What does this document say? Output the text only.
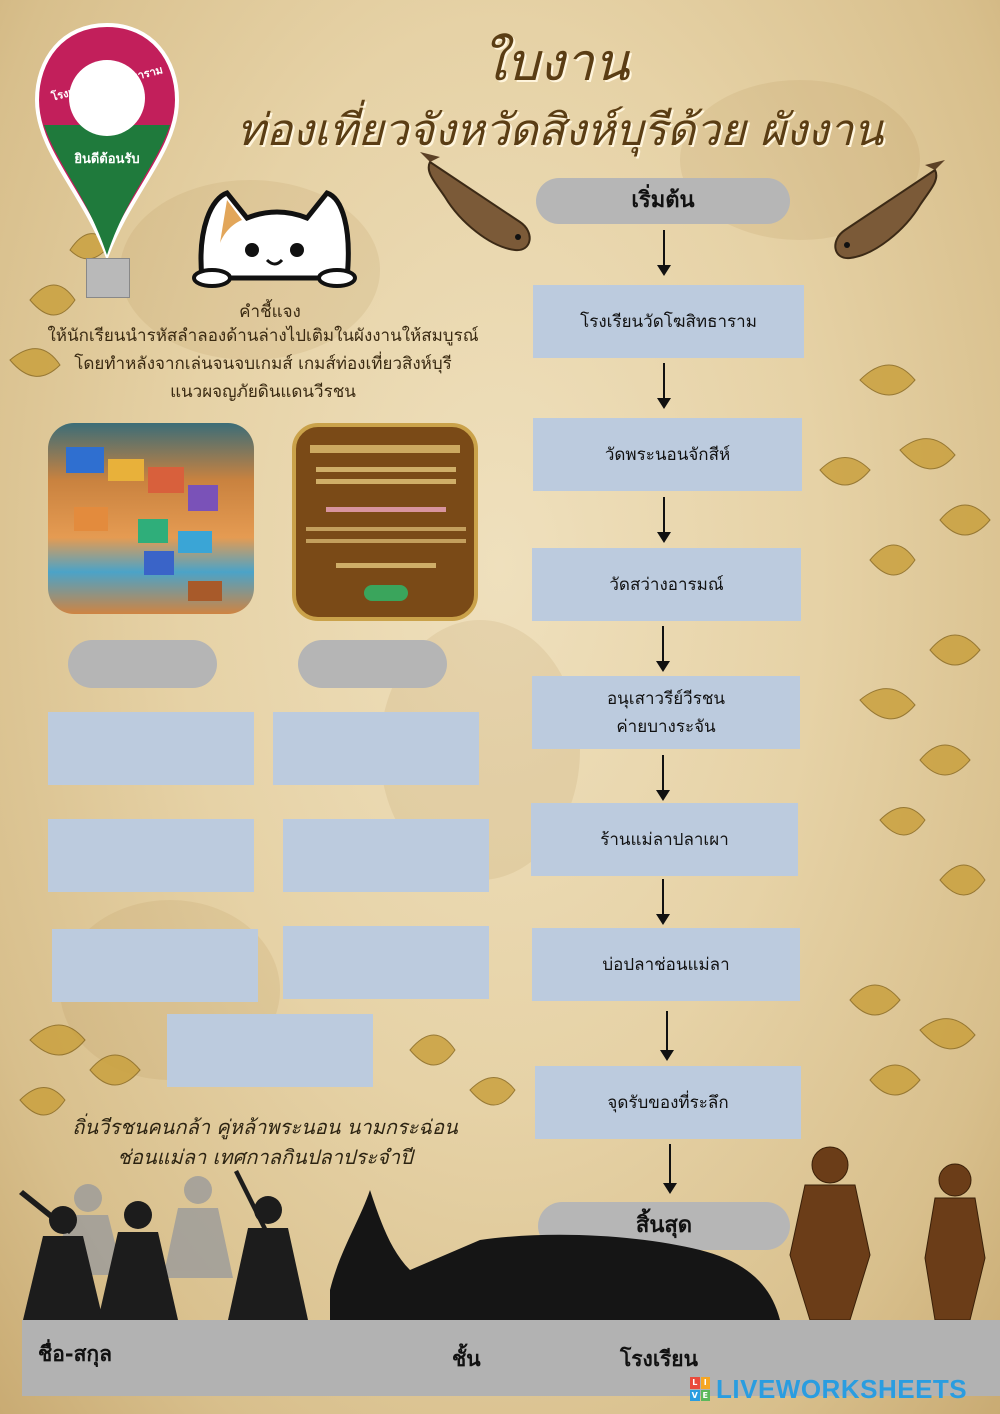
ใบงาน
ท่องเที่ยวจังหวัดสิงห์บุรีด้วย ผังงาน
โรงเรียนวัดโฆสิทธาราม
ยินดีต้อนรับ
คำชี้แจง
ให้นักเรียนนำรหัสลำลองด้านล่างไปเติมในผังงานให้สมบูรณ์
โดยทำหลังจากเล่นจนจบเกมส์ เกมส์ท่องเที่ยวสิงห์บุรี
แนวผจญภัยดินแดนวีรชน
ถิ่นวีรชนคนกล้า คู่หล้าพระนอน นามกระฉ่อน
ช่อนแม่ลา เทศกาลกินปลาประจำปี
เริ่มต้น
โรงเรียนวัดโฆสิทธาราม
วัดพระนอนจักสีห์
วัดสว่างอารมณ์
อนุเสาวรีย์วีรชน
ค่ายบางระจัน
ร้านแม่ลาปลาเผา
บ่อปลาช่อนแม่ลา
จุดรับของที่ระลึก
สิ้นสุด
ชื่อ-สกุล	ชั้น	โรงเรียน
L I
V E LIVEWORKSHEETS
